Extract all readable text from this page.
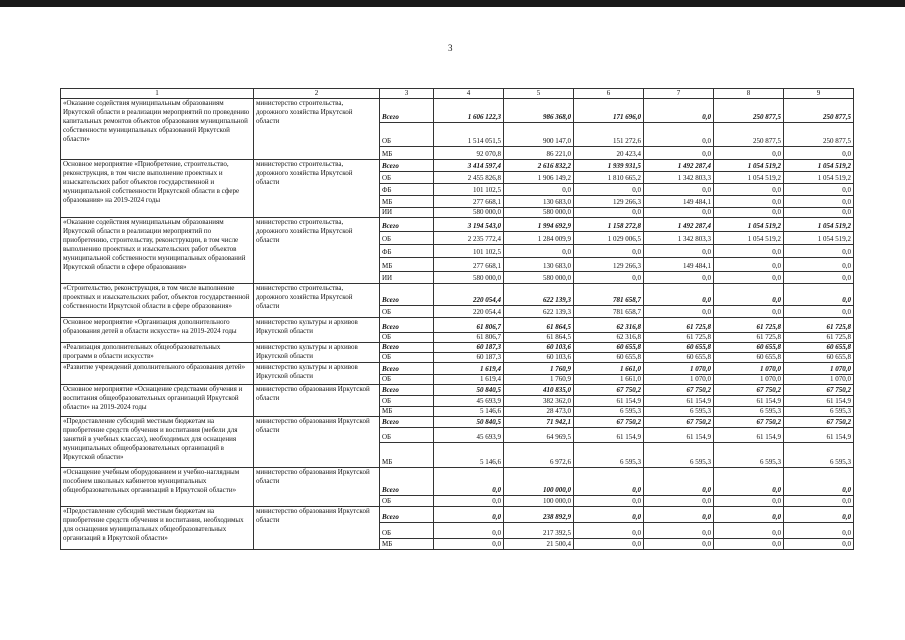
3
1	2	3	4	5	6	7	8	9
«Оказание содействия муниципальным образованиям Иркутской области в реализации мероприятий по проведению капитальных ремонтов объектов образования муниципальной собственности муниципальных образований Иркутской области»	министерство строительства, дорожного хозяйства Иркутской области	Всего	1 606 122,3	986 368,0	171 696,0	0,0	250 877,5	250 877,5
		ОБ	1 514 051,5	900 147,0	151 272,6	0,0	250 877,5	250 877,5
		МБ	92 070,8	86 221,0	20 423,4	0,0	0,0	0,0
Основное мероприятие «Приобретение, строительство, реконструкция, в том числе выполнение проектных и изыскательских работ объектов государственной и муниципальной собственности Иркутской области в сфере образования» на 2019-2024 годы	министерство строительства, дорожного хозяйства Иркутской области	Всего	3 414 597,4	2 616 832,2	1 939 931,5	1 492 287,4	1 054 519,2	1 054 519,2
		ОБ	2 455 826,8	1 906 149,2	1 810 665,2	1 342 803,3	1 054 519,2	1 054 519,2
		ФБ	101 102,5	0,0	0,0	0,0	0,0	0,0
		МБ	277 668,1	130 683,0	129 266,3	149 484,1	0,0	0,0
		ИИ	580 000,0	580 000,0	0,0	0,0	0,0	0,0
«Оказание содействия муниципальным образованиям Иркутской области в реализации мероприятий по приобретению, строительству, реконструкции, в том числе выполнению проектных и изыскательских работ объектов муниципальной собственности муниципальных образований Иркутской области в сфере образования»	министерство строительства, дорожного хозяйства Иркутской области	Всего	3 194 543,0	1 994 692,9	1 158 272,8	1 492 287,4	1 054 519,2	1 054 519,2
		ОБ	2 235 772,4	1 284 009,9	1 029 006,5	1 342 803,3	1 054 519,2	1 054 519,2
		ФБ	101 102,5	0,0	0,0	0,0	0,0	0,0
		МБ	277 668,1	130 683,0	129 266,3	149 484,1	0,0	0,0
		ИИ	580 000,0	580 000,0	0,0	0,0	0,0	0,0
«Строительство, реконструкция, в том числе выполнение проектных и изыскательских работ, объектов государственной собственности Иркутской области в сфере образования»	министерство строительства, дорожного хозяйства Иркутской области	Всего	220 054,4	622 139,3	781 658,7	0,0	0,0	0,0
		ОБ	220 054,4	622 139,3	781 658,7	0,0	0,0	0,0
Основное мероприятие «Организация дополнительного образования детей в области искусств» на 2019-2024 годы	министерство культуры и архивов Иркутской области	Всего	61 806,7	61 864,5	62 316,8	61 725,8	61 725,8	61 725,8
		ОБ	61 806,7	61 864,5	62 316,8	61 725,8	61 725,8	61 725,8
«Реализация дополнительных общеобразовательных программ в области искусств»	министерство культуры и архивов Иркутской области	Всего	60 187,3	60 103,6	60 655,8	60 655,8	60 655,8	60 655,8
		ОБ	60 187,3	60 103,6	60 655,8	60 655,8	60 655,8	60 655,8
«Развитие учреждений дополнительного образования детей»	министерство культуры и архивов Иркутской области	Всего	1 619,4	1 760,9	1 661,0	1 070,0	1 070,0	1 070,0
		ОБ	1 619,4	1 760,9	1 661,0	1 070,0	1 070,0	1 070,0
Основное мероприятие «Оснащение средствами обучения и воспитания общеобразовательных организаций Иркутской области» на 2019-2024 годы	министерство образования Иркутской области	Всего	50 840,5	410 835,0	67 750,2	67 750,2	67 750,2	67 750,2
		ОБ	45 693,9	382 362,0	61 154,9	61 154,9	61 154,9	61 154,9
		МБ	5 146,6	28 473,0	6 595,3	6 595,3	6 595,3	6 595,3
«Предоставление субсидий местным бюджетам на приобретение средств обучения и воспитания (мебели для занятий в учебных классах), необходимых для оснащения муниципальных общеобразовательных организаций в Иркутской области»	министерство образования Иркутской области	Всего	50 840,5	71 942,1	67 750,2	67 750,2	67 750,2	67 750,2
		ОБ	45 693,9	64 969,5	61 154,9	61 154,9	61 154,9	61 154,9
		МБ	5 146,6	6 972,6	6 595,3	6 595,3	6 595,3	6 595,3
«Оснащение учебным оборудованием и учебно-наглядным пособием школьных кабинетов муниципальных общеобразовательных организаций в Иркутской области»	министерство образования Иркутской области	Всего	0,0	100 000,0	0,0	0,0	0,0	0,0
		ОБ	0,0	100 000,0	0,0	0,0	0,0	0,0
«Предоставление субсидий местным бюджетам на приобретение средств обучения и воспитания, необходимых для оснащения муниципальных общеобразовательных организаций в Иркутской области»	министерство образования Иркутской области	Всего	0,0	238 892,9	0,0	0,0	0,0	0,0
		ОБ	0,0	217 392,5	0,0	0,0	0,0	0,0
		МБ	0,0	21 500,4	0,0	0,0	0,0	0,0
